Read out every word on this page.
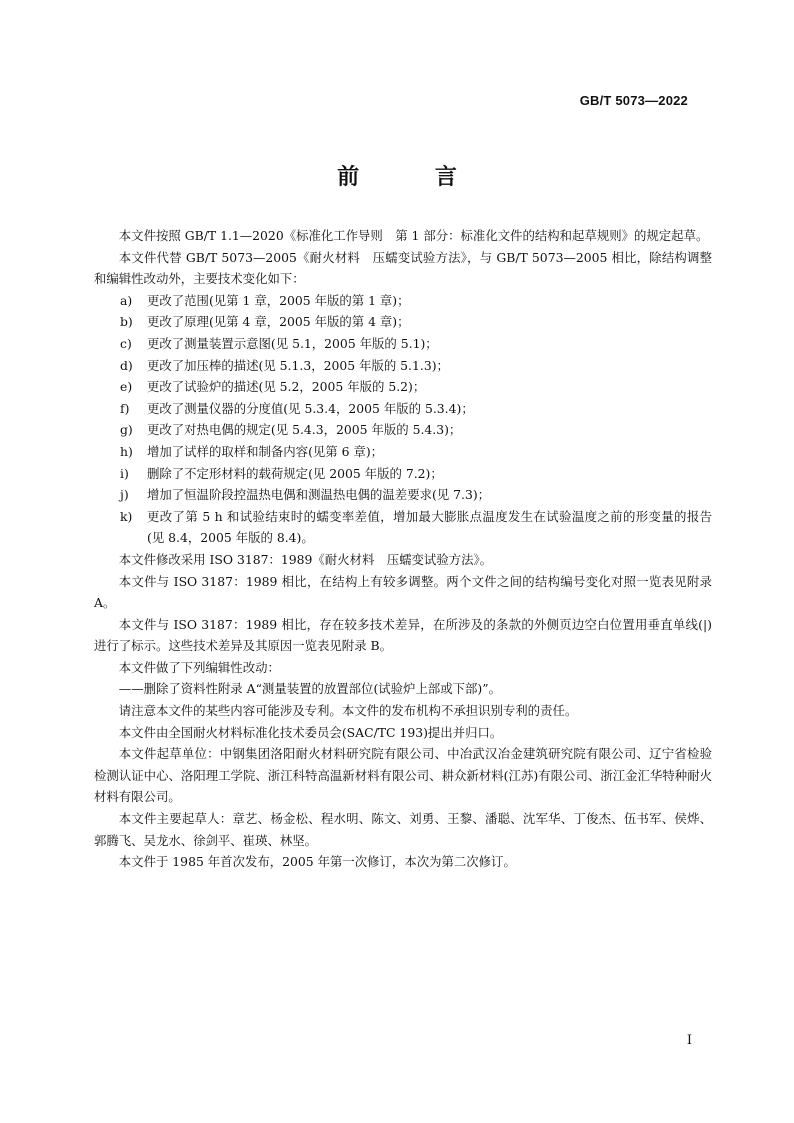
GB/T 5073—2022
前 言

本文件按照 GB/T 1.1—2020《标准化工作导则　第 1 部分：标准化文件的结构和起草规则》的规定起草。

本文件代替 GB/T 5073—2005《耐火材料　压蠕变试验方法》，与 GB/T 5073—2005 相比，除结构调整和编辑性改动外，主要技术变化如下：

a) 更改了范围(见第 1 章，2005 年版的第 1 章)；
b) 更改了原理(见第 4 章，2005 年版的第 4 章)；
c) 更改了测量装置示意图(见 5.1，2005 年版的 5.1)；
d) 更改了加压棒的描述(见 5.1.3，2005 年版的 5.1.3)；
e) 更改了试验炉的描述(见 5.2，2005 年版的 5.2)；
f) 更改了测量仪器的分度值(见 5.3.4，2005 年版的 5.3.4)；
g) 更改了对热电偶的规定(见 5.4.3，2005 年版的 5.4.3)；
h) 增加了试样的取样和制备内容(见第 6 章)；
i) 删除了不定形材料的载荷规定(见 2005 年版的 7.2)；
j) 增加了恒温阶段控温热电偶和测温热电偶的温差要求(见 7.3)；
k) 更改了第 5 h 和试验结束时的蠕变率差值，增加最大膨胀点温度发生在试验温度之前的形变量的报告(见 8.4，2005 年版的 8.4)。

本文件修改采用 ISO 3187：1989《耐火材料　压蠕变试验方法》。

本文件与 ISO 3187：1989 相比，在结构上有较多调整。两个文件之间的结构编号变化对照一览表见附录 A。

本文件与 ISO 3187：1989 相比，存在较多技术差异，在所涉及的条款的外侧页边空白位置用垂直单线(|)进行了标示。这些技术差异及其原因一览表见附录 B。

本文件做了下列编辑性改动：

——删除了资料性附录 A“测量装置的放置部位(试验炉上部或下部)”。

请注意本文件的某些内容可能涉及专利。本文件的发布机构不承担识别专利的责任。

本文件由全国耐火材料标准化技术委员会(SAC/TC 193)提出并归口。

本文件起草单位：中钢集团洛阳耐火材料研究院有限公司、中冶武汉冶金建筑研究院有限公司、辽宁省检验检测认证中心、洛阳理工学院、浙江科特高温新材料有限公司、耕众新材料(江苏)有限公司、浙江金汇华特种耐火材料有限公司。

本文件主要起草人：章艺、杨金松、程水明、陈文、刘勇、王黎、潘聪、沈军华、丁俊杰、伍书军、侯烨、郭腾飞、吴龙水、徐剑平、崔瑛、林坚。

本文件于 1985 年首次发布，2005 年第一次修订，本次为第二次修订。

I
